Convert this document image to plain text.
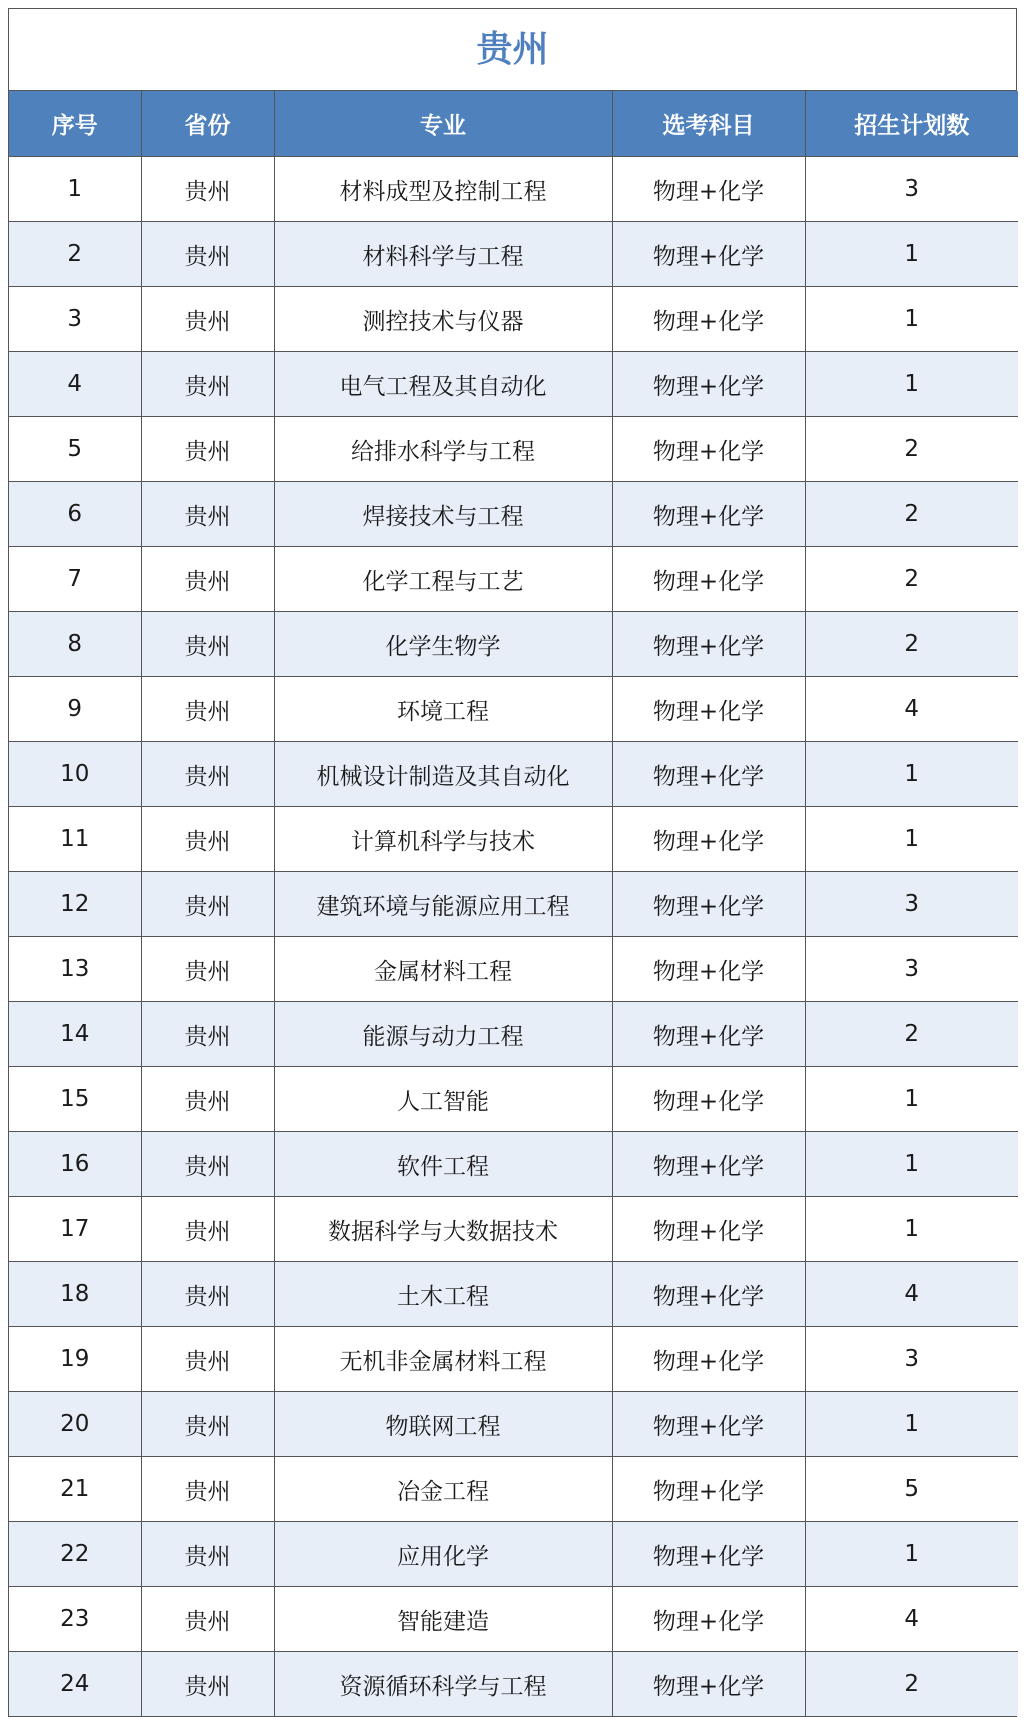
贵州
序号	省份	专业	选考科目	招生计划数
1	贵州	材料成型及控制工程	物理+化学	3
2	贵州	材料科学与工程	物理+化学	1
3	贵州	测控技术与仪器	物理+化学	1
4	贵州	电气工程及其自动化	物理+化学	1
5	贵州	给排水科学与工程	物理+化学	2
6	贵州	焊接技术与工程	物理+化学	2
7	贵州	化学工程与工艺	物理+化学	2
8	贵州	化学生物学	物理+化学	2
9	贵州	环境工程	物理+化学	4
10	贵州	机械设计制造及其自动化	物理+化学	1
11	贵州	计算机科学与技术	物理+化学	1
12	贵州	建筑环境与能源应用工程	物理+化学	3
13	贵州	金属材料工程	物理+化学	3
14	贵州	能源与动力工程	物理+化学	2
15	贵州	人工智能	物理+化学	1
16	贵州	软件工程	物理+化学	1
17	贵州	数据科学与大数据技术	物理+化学	1
18	贵州	土木工程	物理+化学	4
19	贵州	无机非金属材料工程	物理+化学	3
20	贵州	物联网工程	物理+化学	1
21	贵州	冶金工程	物理+化学	5
22	贵州	应用化学	物理+化学	1
23	贵州	智能建造	物理+化学	4
24	贵州	资源循环科学与工程	物理+化学	2
